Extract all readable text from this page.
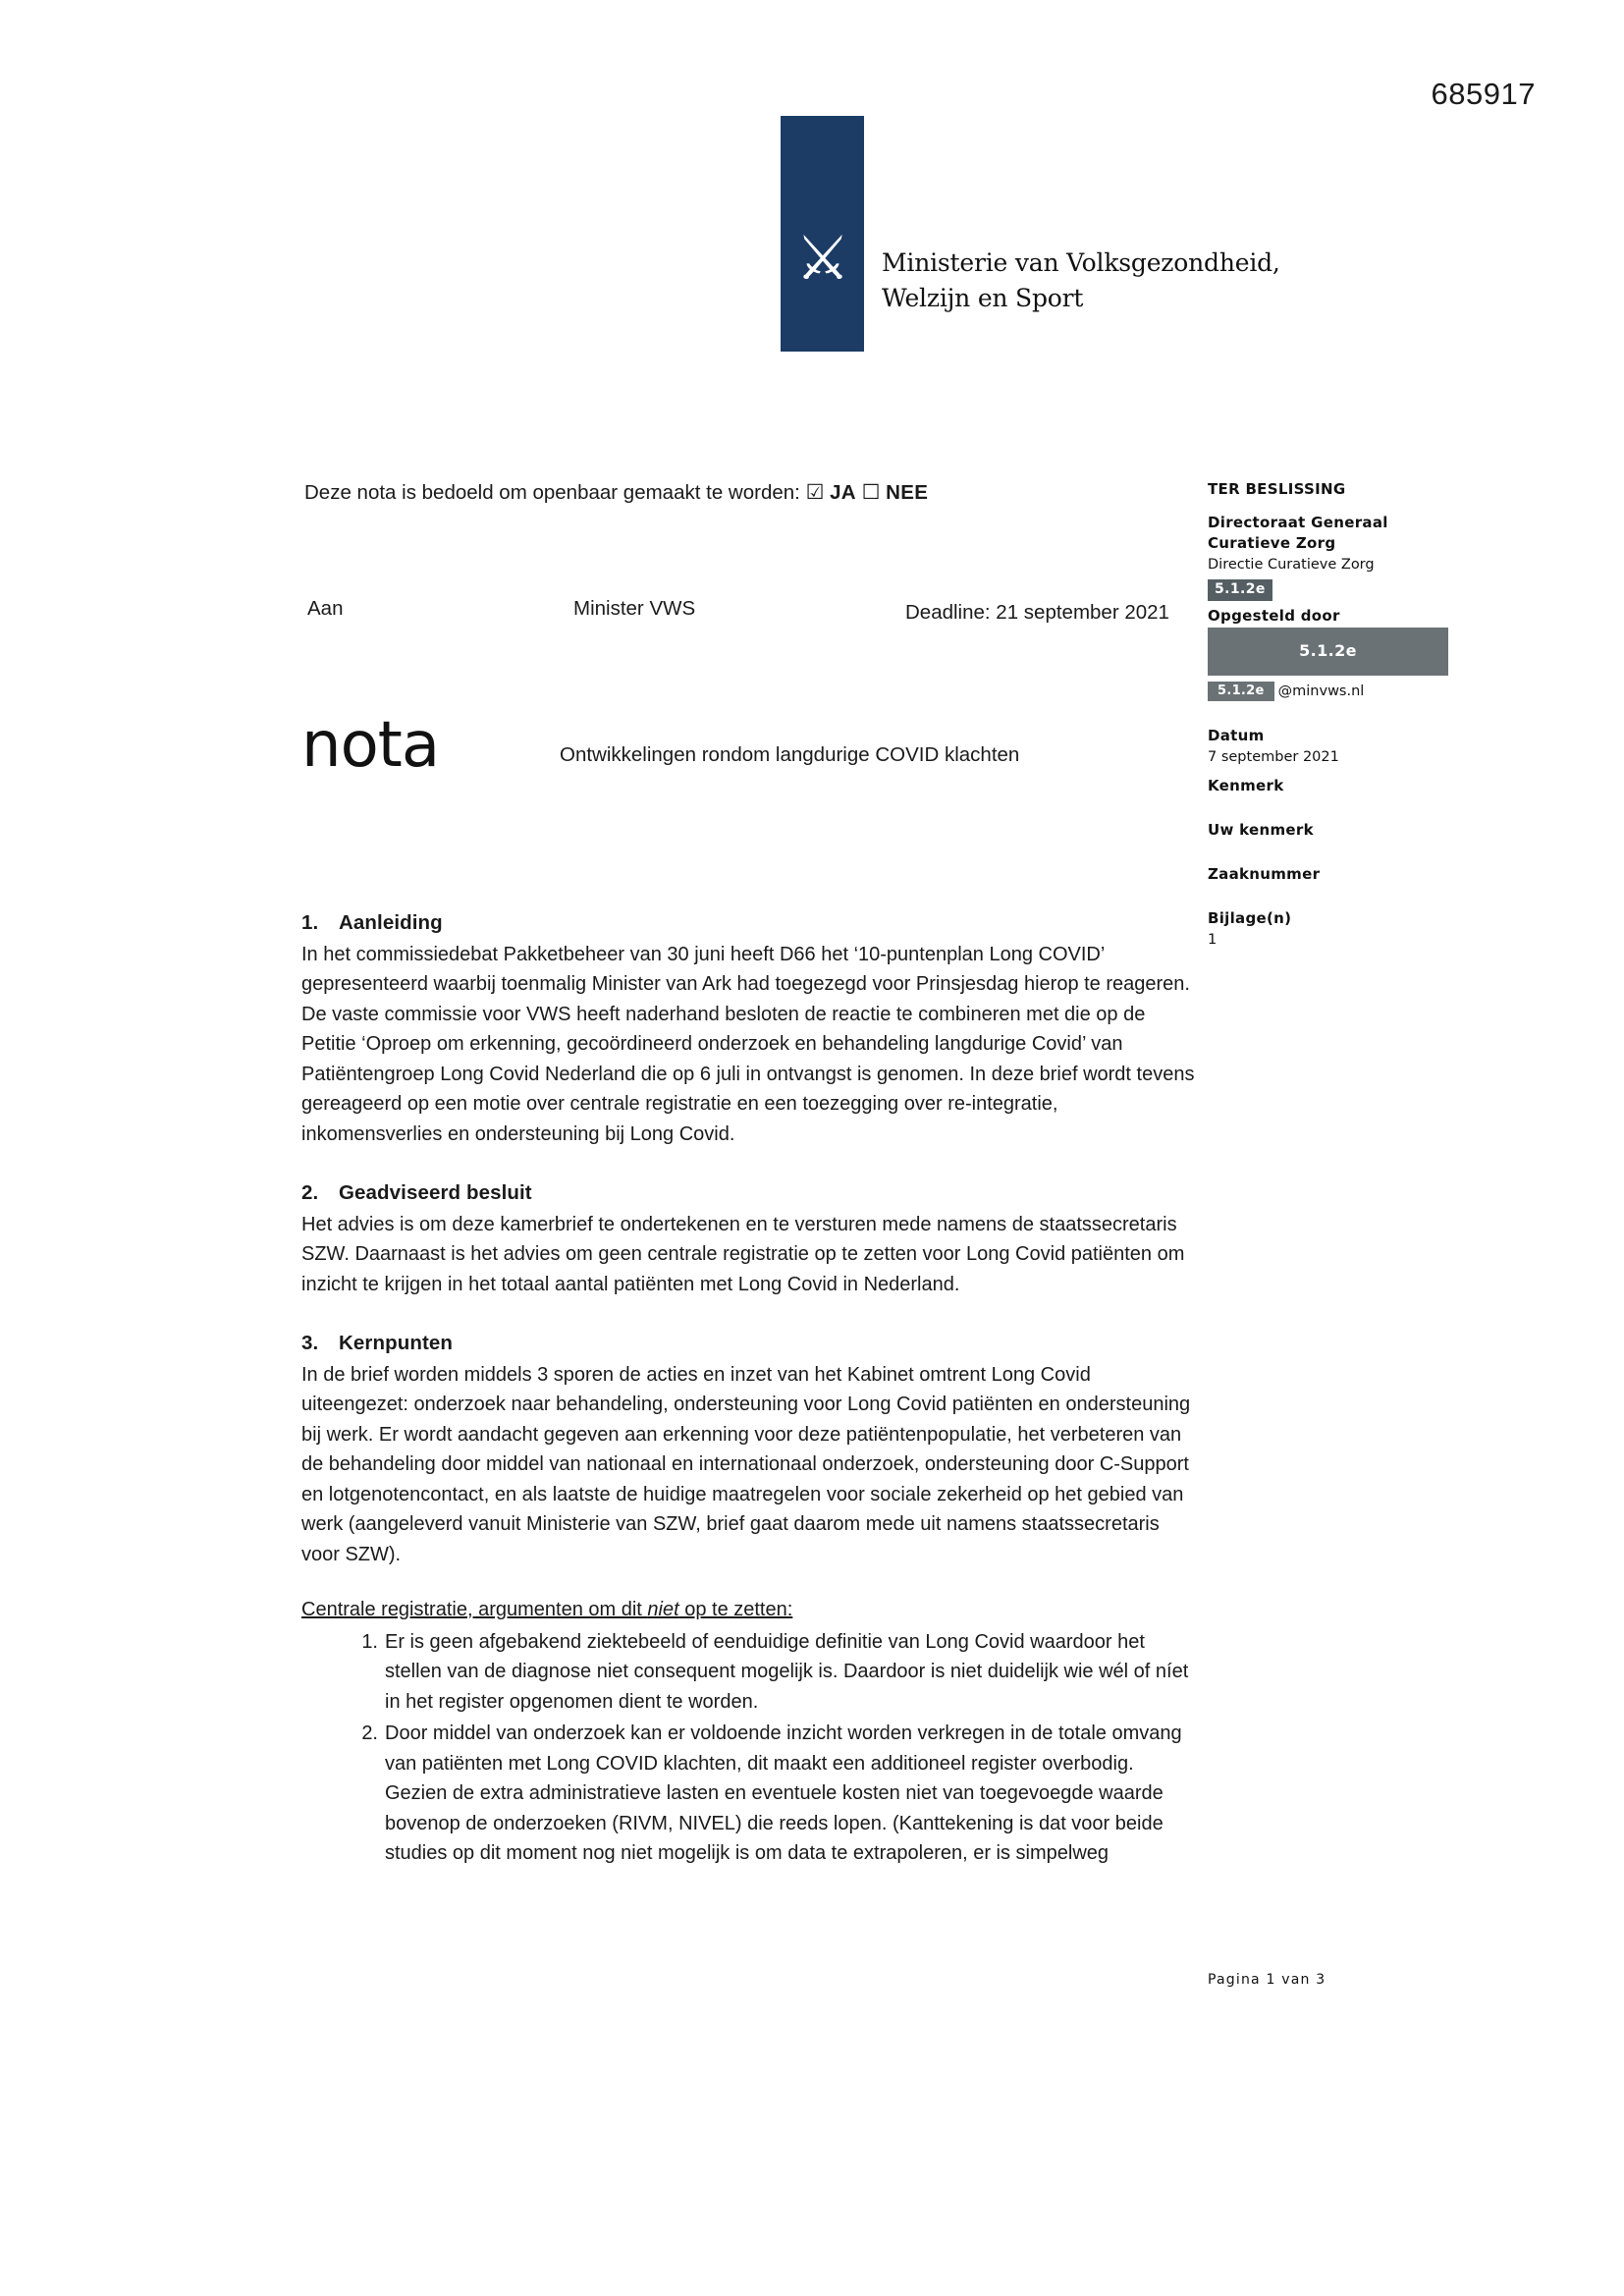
685917
⚔ Ministerie van Volksgezondheid,
Welzijn en Sport
Deze nota is bedoeld om openbaar gemaakt te worden: ☑ JA ☐ NEE
Aan	Minister VWS	Deadline: 21 september 2021
nota	Ontwikkelingen rondom langdurige COVID klachten
TER BESLISSING
Directoraat Generaal
Curatieve Zorg
Directie Curatieve Zorg
5.1.2e
Opgesteld door
5.1.2e
5.1.2e @minvws.nl
Datum
7 september 2021
Kenmerk
Uw kenmerk
Zaaknummer
Bijlage(n)
1
1. Aanleiding

In het commissiedebat Pakketbeheer van 30 juni heeft D66 het ‘10-puntenplan Long COVID’ gepresenteerd waarbij toenmalig Minister van Ark had toegezegd voor Prinsjesdag hierop te reageren. De vaste commissie voor VWS heeft naderhand besloten de reactie te combineren met die op de Petitie ‘Oproep om erkenning, gecoördineerd onderzoek en behandeling langdurige Covid’ van Patiëntengroep Long Covid Nederland die op 6 juli in ontvangst is genomen. In deze brief wordt tevens gereageerd op een motie over centrale registratie en een toezegging over re-integratie, inkomensverlies en ondersteuning bij Long Covid.

2. Geadviseerd besluit

Het advies is om deze kamerbrief te ondertekenen en te versturen mede namens de staatssecretaris SZW. Daarnaast is het advies om geen centrale registratie op te zetten voor Long Covid patiënten om inzicht te krijgen in het totaal aantal patiënten met Long Covid in Nederland.

3. Kernpunten

In de brief worden middels 3 sporen de acties en inzet van het Kabinet omtrent Long Covid uiteengezet: onderzoek naar behandeling, ondersteuning voor Long Covid patiënten en ondersteuning bij werk. Er wordt aandacht gegeven aan erkenning voor deze patiëntenpopulatie, het verbeteren van de behandeling door middel van nationaal en internationaal onderzoek, ondersteuning door C-Support en lotgenotencontact, en als laatste de huidige maatregelen voor sociale zekerheid op het gebied van werk (aangeleverd vanuit Ministerie van SZW, brief gaat daarom mede uit namens staatssecretaris voor SZW).

Centrale registratie, argumenten om dit niet op te zetten:

1. Er is geen afgebakend ziektebeeld of eenduidige definitie van Long Covid waardoor het stellen van de diagnose niet consequent mogelijk is. Daardoor is niet duidelijk wie wél of níet in het register opgenomen dient te worden.
2. Door middel van onderzoek kan er voldoende inzicht worden verkregen in de totale omvang van patiënten met Long COVID klachten, dit maakt een additioneel register overbodig. Gezien de extra administratieve lasten en eventuele kosten niet van toegevoegde waarde bovenop de onderzoeken (RIVM, NIVEL) die reeds lopen. (Kanttekening is dat voor beide studies op dit moment nog niet mogelijk is om data te extrapoleren, er is simpelweg
Pagina 1 van 3
